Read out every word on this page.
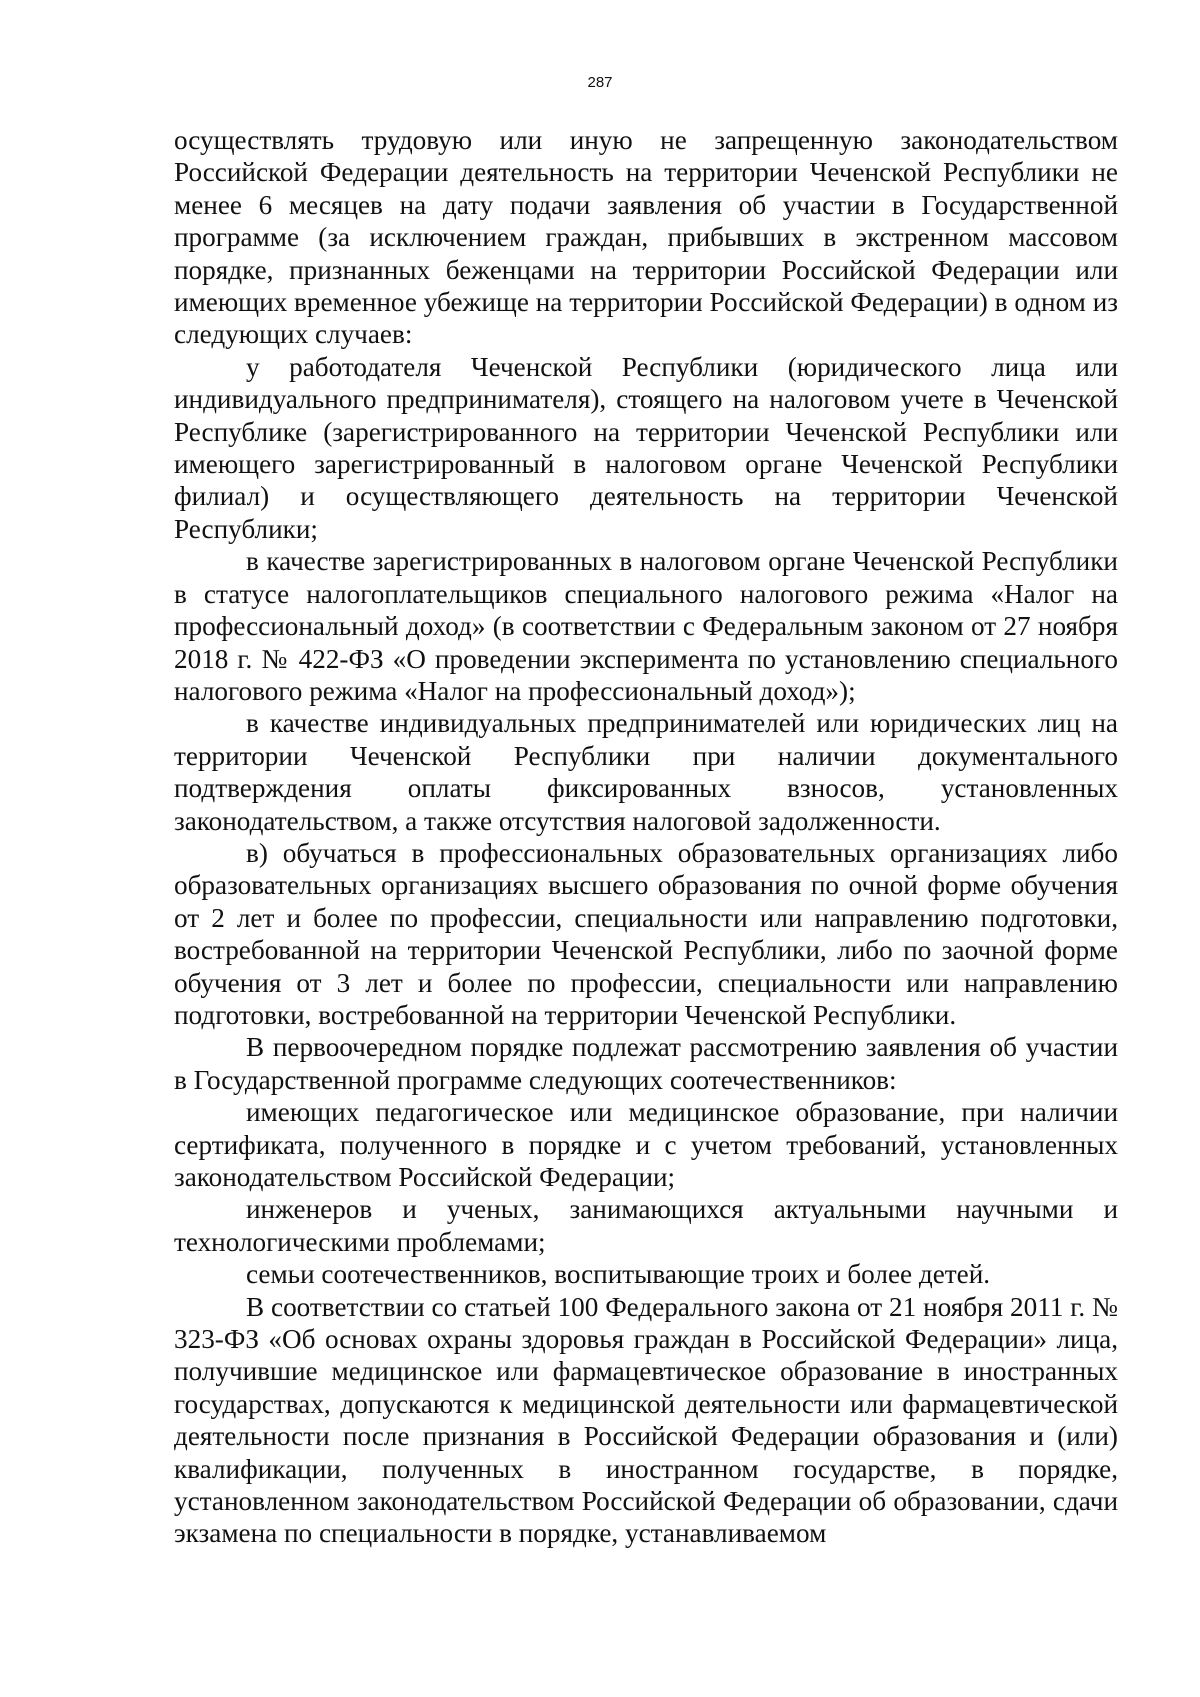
287

осуществлять трудовую или иную не запрещенную законодательством Российской Федерации деятельность на территории Чеченской Республики не менее 6 месяцев на дату подачи заявления об участии в Государственной программе (за исключением граждан, прибывших в экстренном массовом порядке, признанных беженцами на территории Российской Федерации или имеющих временное убежище на территории Российской Федерации) в одном из следующих случаев:

у работодателя Чеченской Республики (юридического лица или индивидуального предпринимателя), стоящего на налоговом учете в Чеченской Республике (зарегистрированного на территории Чеченской Республики или имеющего зарегистрированный в налоговом органе Чеченской Республики филиал) и осуществляющего деятельность на территории Чеченской Республики;

в качестве зарегистрированных в налоговом органе Чеченской Республики в статусе налогоплательщиков специального налогового режима «Налог на профессиональный доход» (в соответствии с Федеральным законом от 27 ноября 2018 г. № 422-ФЗ «О проведении эксперимента по установлению специального налогового режима «Налог на профессиональный доход»);

в качестве индивидуальных предпринимателей или юридических лиц на территории Чеченской Республики при наличии документального подтверждения оплаты фиксированных взносов, установленных законодательством, а также отсутствия налоговой задолженности.

в) обучаться в профессиональных образовательных организациях либо образовательных организациях высшего образования по очной форме обучения от 2 лет и более по профессии, специальности или направлению подготовки, востребованной на территории Чеченской Республики, либо по заочной форме обучения от 3 лет и более по профессии, специальности или направлению подготовки, востребованной на территории Чеченской Республики.

В первоочередном порядке подлежат рассмотрению заявления об участии в Государственной программе следующих соотечественников:

имеющих педагогическое или медицинское образование, при наличии сертификата, полученного в порядке и с учетом требований, установленных законодательством Российской Федерации;

инженеров и ученых, занимающихся актуальными научными и технологическими проблемами;

семьи соотечественников, воспитывающие троих и более детей.

В соответствии со статьей 100 Федерального закона от 21 ноября 2011 г. № 323-ФЗ «Об основах охраны здоровья граждан в Российской Федерации» лица, получившие медицинское или фармацевтическое образование в иностранных государствах, допускаются к медицинской деятельности или фармацевтической деятельности после признания в Российской Федерации образования и (или) квалификации, полученных в иностранном государстве, в порядке, установленном законодательством Российской Федерации об образовании, сдачи экзамена по специальности в порядке, устанавливаемом
